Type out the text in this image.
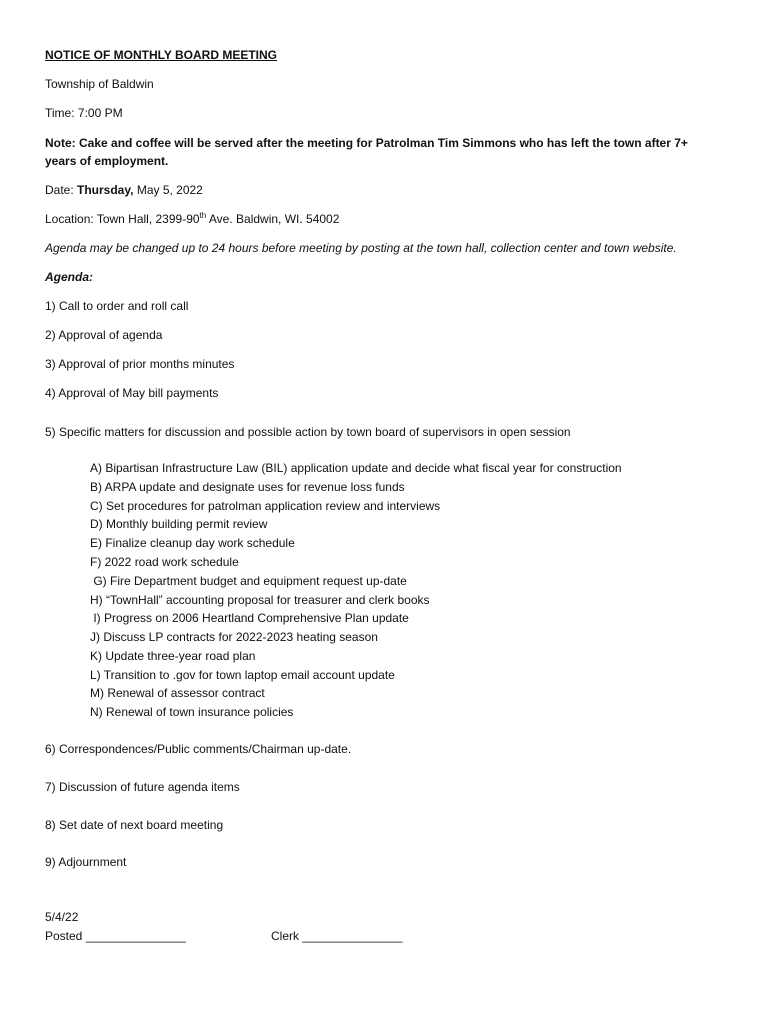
NOTICE OF MONTHLY BOARD MEETING
Township of Baldwin
Time: 7:00 PM
Note: Cake and coffee will be served after the meeting for Patrolman Tim Simmons who has left the town after 7+
years of employment.
Date: Thursday, May 5, 2022
Location: Town Hall, 2399-90th Ave. Baldwin, WI. 54002
Agenda may be changed up to 24 hours before meeting by posting at the town hall, collection center and town website.
Agenda:
1) Call to order and roll call
2) Approval of agenda
3) Approval of prior months minutes
4) Approval of May bill payments
5) Specific matters for discussion and possible action by town board of supervisors in open session
A) Bipartisan Infrastructure Law (BIL) application update and decide what fiscal year for construction
B) ARPA update and designate uses for revenue loss funds
C) Set procedures for patrolman application review and interviews
D) Monthly building permit review
E) Finalize cleanup day work schedule
F) 2022 road work schedule
G) Fire Department budget and equipment request up-date
H) “TownHall” accounting proposal for treasurer and clerk books
I) Progress on 2006 Heartland Comprehensive Plan update
J) Discuss LP contracts for 2022-2023 heating season
K) Update three-year road plan
L) Transition to .gov for town laptop email account update
M) Renewal of assessor contract
N) Renewal of town insurance policies
6) Correspondences/Public comments/Chairman up-date.
7) Discussion of future agenda items
8) Set date of next board meeting
9) Adjournment
5/4/22
Posted _______________	Clerk _______________
